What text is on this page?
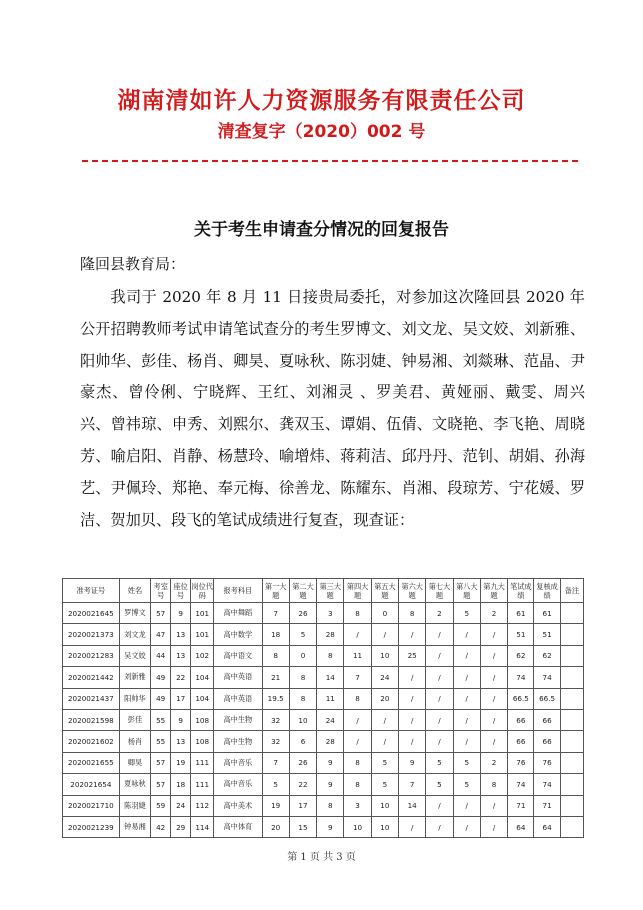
湖南清如许人力资源服务有限责任公司
清查复字（2020）002 号
关于考生申请查分情况的回复报告
隆回县教育局：

我司于 2020 年 8 月 11 日接贵局委托，对参加这次隆回县 2020 年公开招聘教师考试申请笔试查分的考生罗博文、刘文龙、吴文姣、刘新雅、阳帅华、彭佳、杨肖、卿昊、夏咏秋、陈羽婕、钟易湘、刘燚琳、范晶、尹豪杰、曾伶俐、宁晓辉、王红、刘湘灵 、罗美君、黄娅丽、戴雯、周兴兴、曾祎琼、申秀、刘熙尔、龚双玉、谭娟、伍倩、文晓艳、李飞艳、周晓芳、喻启阳、肖静、杨慧玲、喻增炜、蒋莉洁、邱丹丹、范钊、胡娟、孙海艺、尹佩玲、郑艳、奉元梅、徐善龙、陈耀东、肖湘、段琼芳、宁花媛、罗洁、贺加贝、段飞的笔试成绩进行复查，现查证：

准考证号	姓名	考室号	座位号	岗位代码	报考科目	第一大题	第二大题	第三大题	第四大题	第五大题	第六大题	第七大题	第八大题	第九大题	笔试成绩	复核成绩	备注
2020021645	罗博文	57	9	101	高中舞蹈	7	26	3	8	0	8	2	5	2	61	61	
2020021373	刘文龙	47	13	101	高中数学	18	5	28	/	/	/	/	/	/	51	51	
2020021283	吴文姣	44	13	102	高中语文	8	0	8	11	10	25	/	/	/	62	62	
2020021442	刘新雅	49	22	104	高中英语	21	8	14	7	24	/	/	/	/	74	74	
2020021437	阳帅华	49	17	104	高中英语	19.5	8	11	8	20	/	/	/	/	66.5	66.5	
2020021598	彭佳	55	9	108	高中生物	32	10	24	/	/	/	/	/	/	66	66	
2020021602	杨肖	55	13	108	高中生物	32	6	28	/	/	/	/	/	/	66	66	
2020021655	卿昊	57	19	111	高中音乐	7	26	9	8	5	9	5	5	2	76	76	
202021654	夏咏秋	57	18	111	高中音乐	5	22	9	8	5	7	5	5	8	74	74	
2020021710	陈羽婕	59	24	112	高中美术	19	17	8	3	10	14	/	/	/	71	71	
2020021239	钟易湘	42	29	114	高中体育	20	15	9	10	10	/	/	/	/	64	64	
第 1 页 共 3 页
